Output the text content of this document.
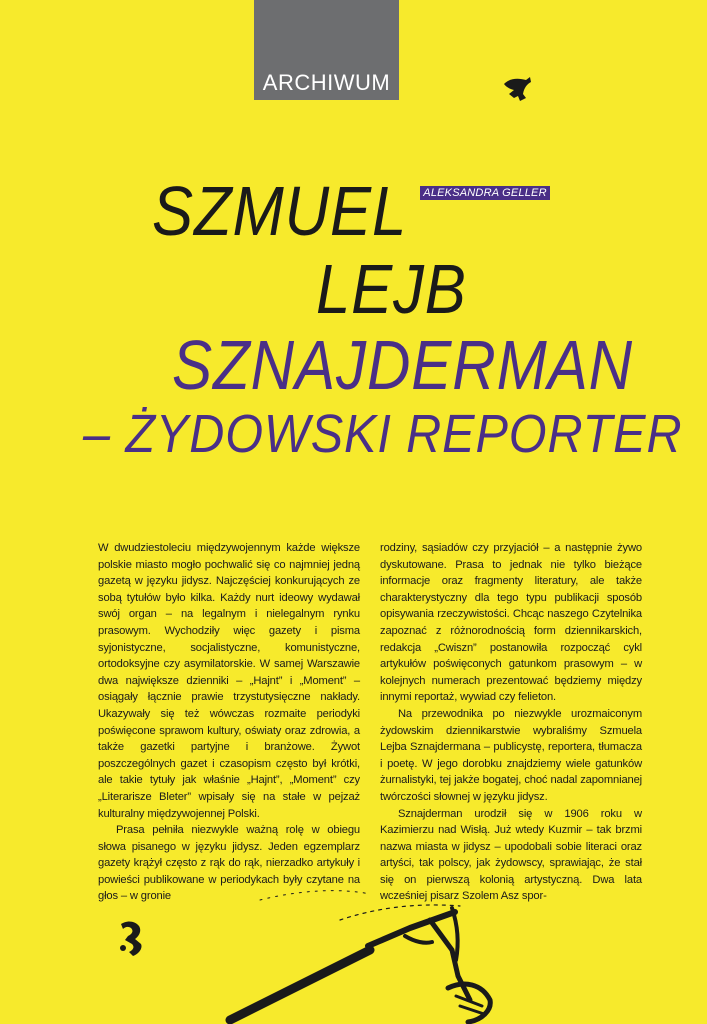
ARCHIWUM
ALEKSANDRA GELLER
SZMUEL
LEJB
SZNAJDERMAN
– ŻYDOWSKI REPORTER

W dwudziestoleciu międzywojennym każde większe polskie miasto mogło pochwalić się co najmniej jedną gazetą w języku jidysz. Najczęściej konkurujących ze sobą tytułów było kilka. Każdy nurt ideowy wydawał swój organ – na legalnym i nielegalnym rynku prasowym. Wychodziły więc gazety i pisma syjonistyczne, socjalistyczne, komunistyczne, ortodoksyjne czy asymilatorskie. W samej Warszawie dwa największe dzienniki – „Hajnt” i „Moment” – osiągały łącznie prawie trzystutysięczne nakłady. Ukazywały się też wówczas rozmaite periodyki poświęcone sprawom kultury, oświaty oraz zdrowia, a także gazetki partyjne i branżowe. Żywot poszczególnych gazet i czasopism często był krótki, ale takie tytuły jak właśnie „Hajnt”, „Moment” czy „Literarisze Bleter” wpisały się na stałe w pejzaż kulturalny międzywojennej Polski.

Prasa pełniła niezwykle ważną rolę w obiegu słowa pisanego w języku jidysz. Jeden egzemplarz gazety krążył często z rąk do rąk, nierzadko artykuły i powieści publikowane w periodykach były czytane na głos – w gronie

rodziny, sąsiadów czy przyjaciół – a następnie żywo dyskutowane. Prasa to jednak nie tylko bieżące informacje oraz fragmenty literatury, ale także charakterystyczny dla tego typu publikacji sposób opisywania rzeczywistości. Chcąc naszego Czytelnika zapoznać z różnorodnością form dziennikarskich, redakcja „Cwiszn” postanowiła rozpocząć cykl artykułów poświęconych gatunkom prasowym – w kolejnych numerach prezentować będziemy między innymi reportaż, wywiad czy felieton.

Na przewodnika po niezwykle urozmaiconym żydowskim dziennikarstwie wybraliśmy Szmuela Lejba Sznajdermana – publicystę, reportera, tłumacza i poetę. W jego dorobku znajdziemy wiele gatunków żurnalistyki, tej jakże bogatej, choć nadal zapomnianej twórczości słownej w języku jidysz.

Sznajderman urodził się w 1906 roku w Kazimierzu nad Wisłą. Już wtedy Kuzmir – tak brzmi nazwa miasta w jidysz – upodobali sobie literaci oraz artyści, tak polscy, jak żydowscy, sprawiając, że stał się on pierwszą kolonią artystyczną. Dwa lata wcześniej pisarz Szolem Asz spor-
